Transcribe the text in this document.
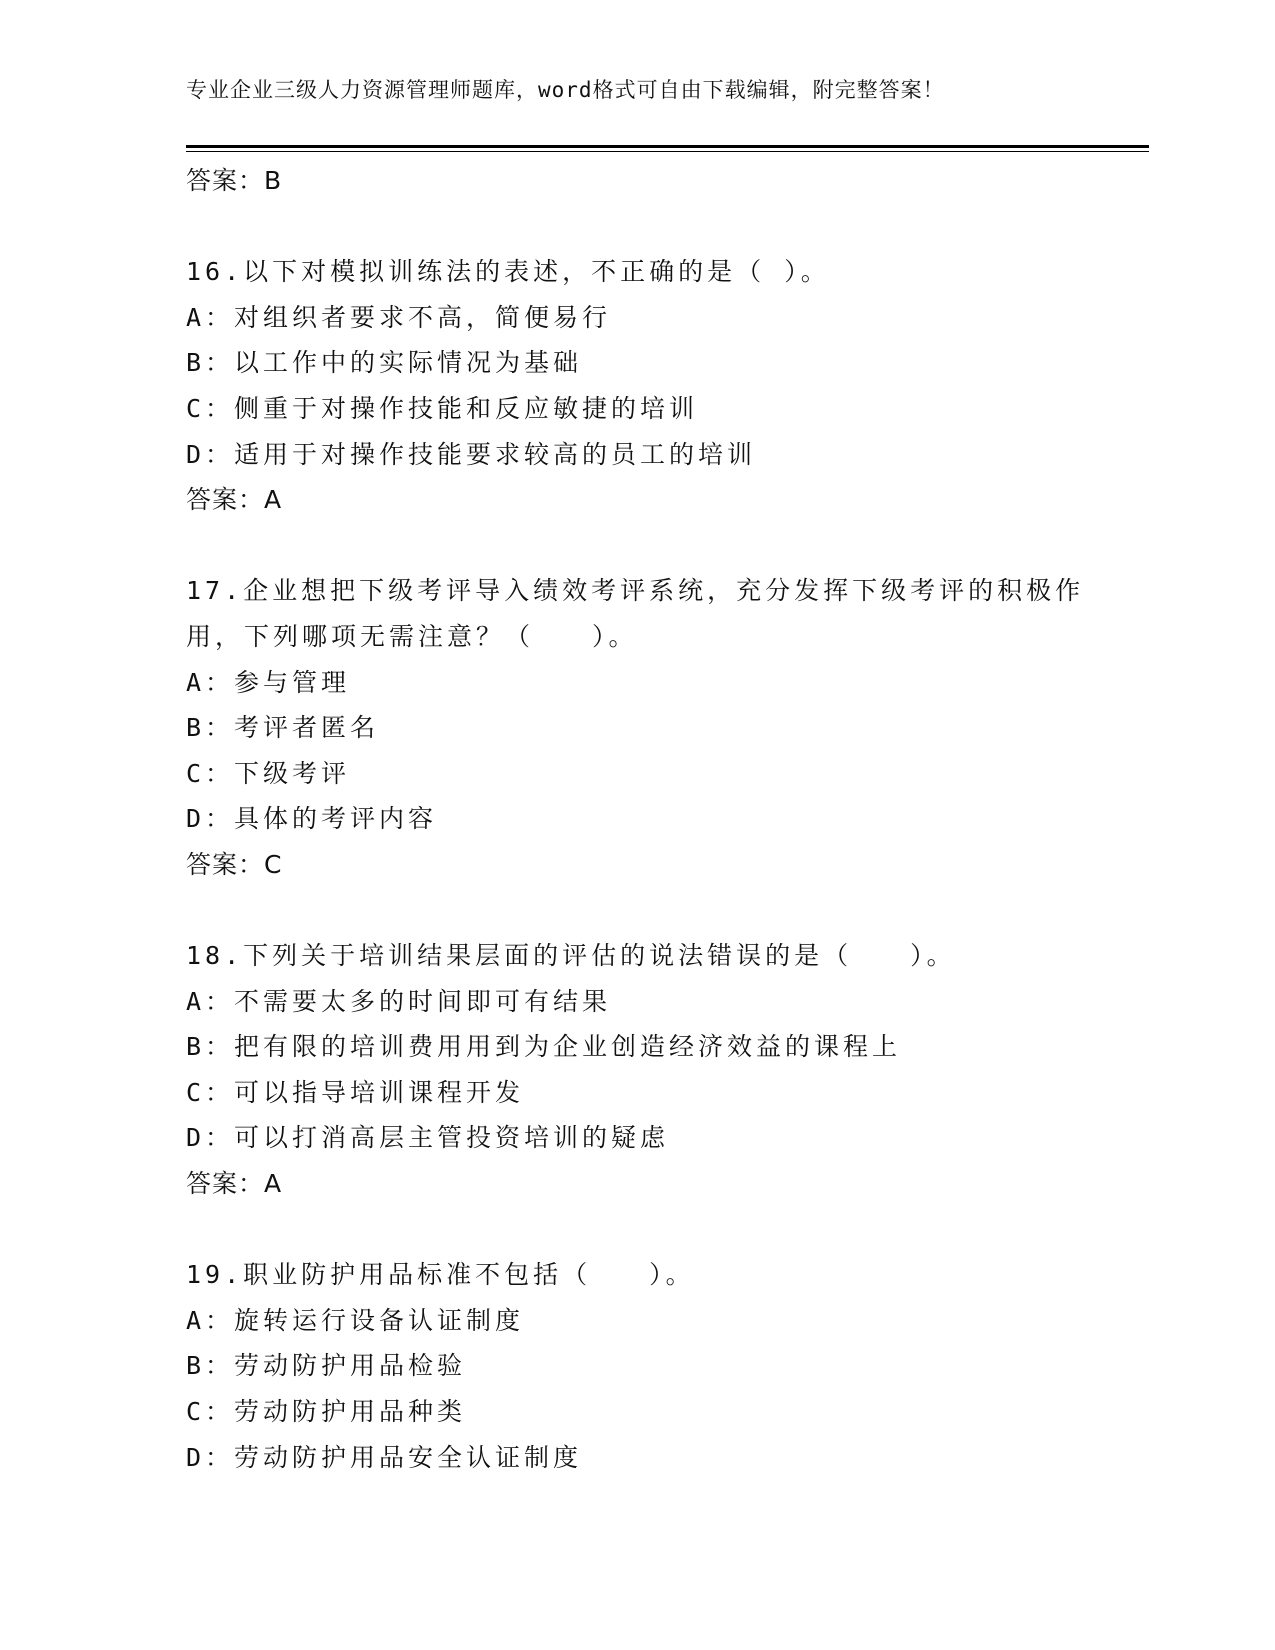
专业企业三级人力资源管理师题库，word格式可自由下载编辑，附完整答案！
答案：B
16.以下对模拟训练法的表述，不正确的是（ ）。
A：对组织者要求不高，简便易行
B：以工作中的实际情况为基础
C：侧重于对操作技能和反应敏捷的培训
D：适用于对操作技能要求较高的员工的培训
答案：A
17.企业想把下级考评导入绩效考评系统，充分发挥下级考评的积极作
用，下列哪项无需注意？（　　）。
A：参与管理
B：考评者匿名
C：下级考评
D：具体的考评内容
答案：C
18.下列关于培训结果层面的评估的说法错误的是（　　）。
A：不需要太多的时间即可有结果
B：把有限的培训费用用到为企业创造经济效益的课程上
C：可以指导培训课程开发
D：可以打消高层主管投资培训的疑虑
答案：A
19.职业防护用品标准不包括（　　）。
A：旋转运行设备认证制度
B：劳动防护用品检验
C：劳动防护用品种类
D：劳动防护用品安全认证制度
